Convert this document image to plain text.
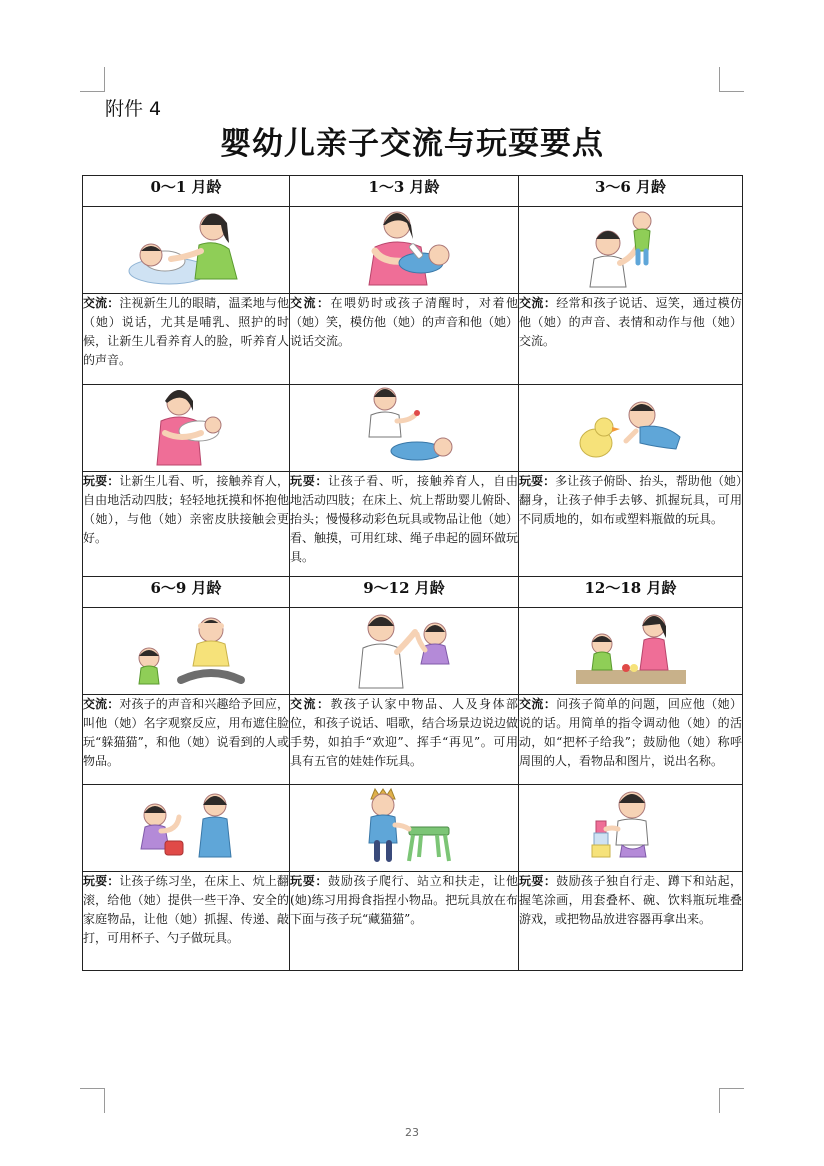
附件 4
婴幼儿亲子交流与玩耍要点
0～1 月龄	1～3 月龄	3～6 月龄

交流：注视新生儿的眼睛，温柔地与他（她）说话，尤其是哺乳、照护的时候，让新生儿看养育人的脸，听养育人的声音。	交流：在喂奶时或孩子清醒时，对着他（她）笑，模仿他（她）的声音和他（她）说话交流。	交流：经常和孩子说话、逗笑，通过模仿他（她）的声音、表情和动作与他（她）交流。

玩耍：让新生儿看、听，接触养育人，自由地活动四肢；轻轻地抚摸和怀抱他（她），与他（她）亲密皮肤接触会更好。	玩耍：让孩子看、听，接触养育人，自由地活动四肢；在床上、炕上帮助婴儿俯卧、抬头；慢慢移动彩色玩具或物品让他（她）看、触摸，可用红球、绳子串起的圆环做玩具。	玩耍：多让孩子俯卧、抬头，帮助他（她）翻身，让孩子伸手去够、抓握玩具，可用不同质地的，如布或塑料瓶做的玩具。
6～9 月龄	9～12 月龄	12～18 月龄

交流：对孩子的声音和兴趣给予回应，叫他（她）名字观察反应，用布遮住脸玩“躲猫猫”，和他（她）说看到的人或物品。	交流：教孩子认家中物品、人及身体部位，和孩子说话、唱歌，结合场景边说边做手势，如拍手“欢迎”、挥手“再见”。可用具有五官的娃娃作玩具。	交流：问孩子简单的问题，回应他（她）说的话。用简单的指令调动他（她）的活动，如“把杯子给我”；鼓励他（她）称呼周围的人，看物品和图片，说出名称。

玩耍：让孩子练习坐，在床上、炕上翻滚，给他（她）提供一些干净、安全的家庭物品，让他（她）抓握、传递、敲打，可用杯子、勺子做玩具。	玩耍：鼓励孩子爬行、站立和扶走，让他(她)练习用拇食指捏小物品。把玩具放在布下面与孩子玩“藏猫猫”。	玩耍：鼓励孩子独自行走、蹲下和站起，握笔涂画，用套叠杯、碗、饮料瓶玩堆叠游戏，或把物品放进容器再拿出来。
23
